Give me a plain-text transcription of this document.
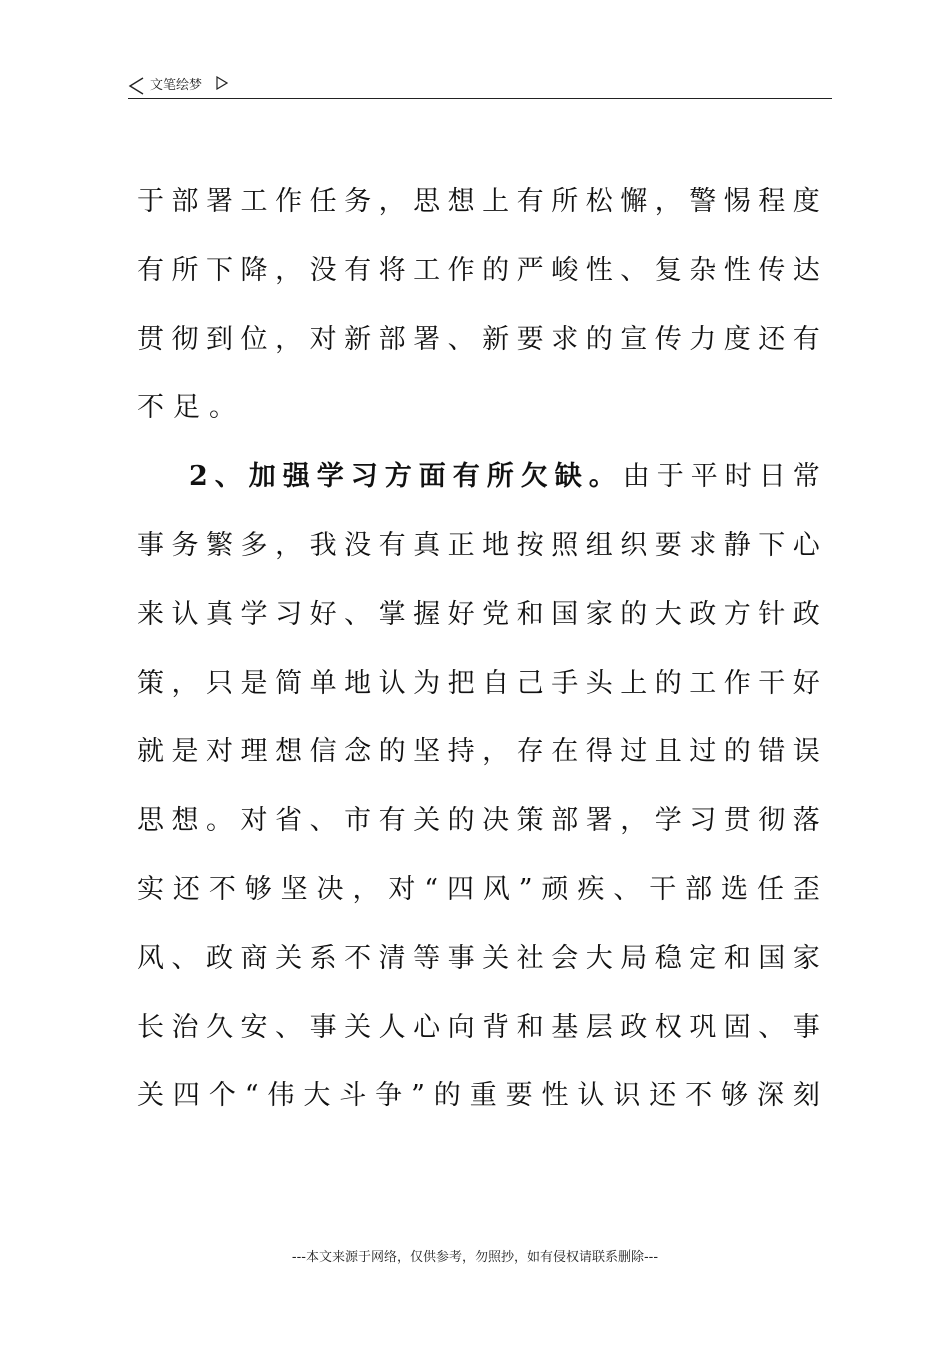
文笔绘梦
于 部 署 工 作 任 务 ， 思 想 上 有 所 松 懈 ， 警 惕 程 度
有 所 下 降 ， 没 有 将 工 作 的 严 峻 性 、 复 杂 性 传 达
贯 彻 到 位 ， 对 新 部 署 、 新 要 求 的 宣 传 力 度 还 有
不足。
2 、 加 强 学 习 方 面 有 所 欠 缺 。 由 于 平 时 日 常
事 务 繁 多 ， 我 没 有 真 正 地 按 照 组 织 要 求 静 下 心
来 认 真 学 习 好 、 掌 握 好 党 和 国 家 的 大 政 方 针 政
策 ， 只 是 简 单 地 认 为 把 自 己 手 头 上 的 工 作 干 好
就 是 对 理 想 信 念 的 坚 持 ， 存 在 得 过 且 过 的 错 误
思 想 。 对 省 、 市 有 关 的 决 策 部 署 ， 学 习 贯 彻 落
实 还 不 够 坚 决 ， 对 “ 四 风 ” 顽 疾 、 干 部 选 任 歪
风 、 政 商 关 系 不 清 等 事 关 社 会 大 局 稳 定 和 国 家
长 治 久 安 、 事 关 人 心 向 背 和 基 层 政 权 巩 固 、 事
关 四 个 “ 伟 大 斗 争 ” 的 重 要 性 认 识 还 不 够 深 刻
---本文来源于网络，仅供参考，勿照抄，如有侵权请联系删除---
